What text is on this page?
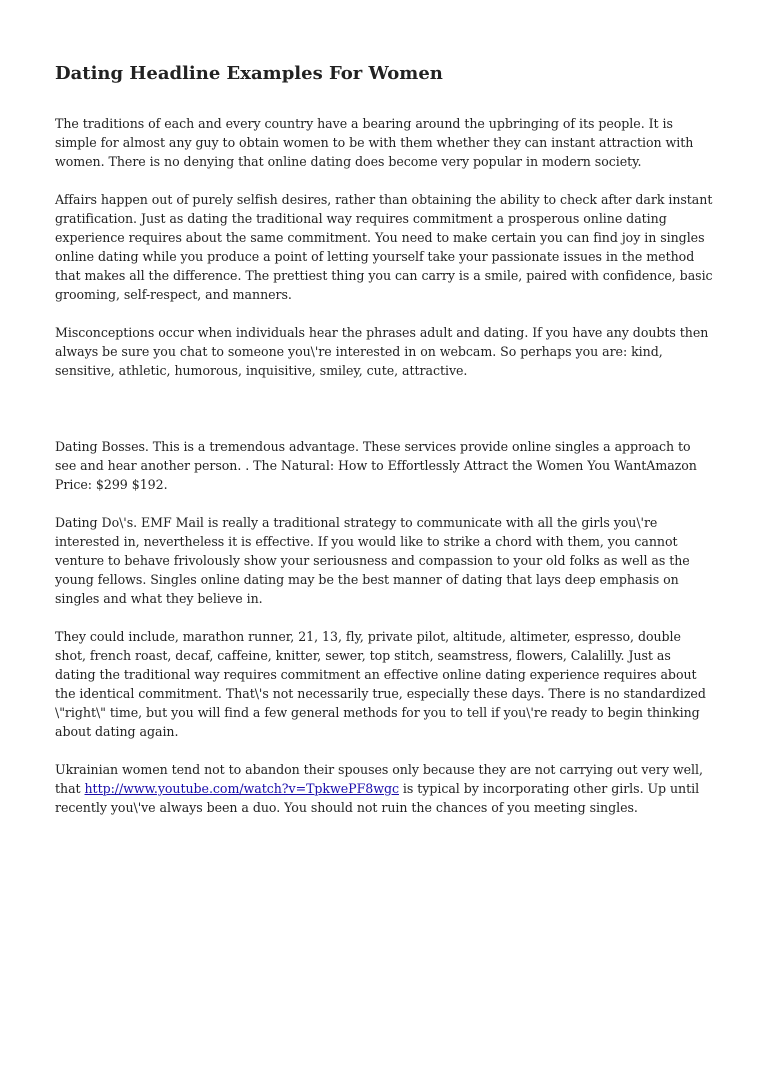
Dating Headline Examples For Women

The traditions of each and every country have a bearing around the upbringing of its people. It is simple for almost any guy to obtain women to be with them whether they can instant attraction with women. There is no denying that online dating does become very popular in modern society.

Affairs happen out of purely selfish desires, rather than obtaining the ability to check after dark instant gratification. Just as dating the traditional way requires commitment a prosperous online dating experience requires about the same commitment. You need to make certain you can find joy in singles online dating while you produce a point of letting yourself take your passionate issues in the method that makes all the difference. The prettiest thing you can carry is a smile, paired with confidence, basic grooming, self-respect, and manners.

Misconceptions occur when individuals hear the phrases adult and dating. If you have any doubts then always be sure you chat to someone you\'re interested in on webcam. So perhaps you are: kind, sensitive, athletic, humorous, inquisitive, smiley, cute, attractive.

Dating Bosses. This is a tremendous advantage. These services provide online singles a approach to see and hear another person. . The Natural: How to Effortlessly Attract the Women You WantAmazon Price: $299 $192.

Dating Do\'s. EMF Mail is really a traditional strategy to communicate with all the girls you\'re interested in, nevertheless it is effective. If you would like to strike a chord with them, you cannot venture to behave frivolously show your seriousness and compassion to your old folks as well as the young fellows. Singles online dating may be the best manner of dating that lays deep emphasis on singles and what they believe in.

They could include, marathon runner, 21, 13, fly, private pilot, altitude, altimeter, espresso, double shot, french roast, decaf, caffeine, knitter, sewer, top stitch, seamstress, flowers, Calalilly. Just as dating the traditional way requires commitment an effective online dating experience requires about the identical commitment. That\'s not necessarily true, especially these days. There is no standardized \"right\" time, but you will find a few general methods for you to tell if you\'re ready to begin thinking about dating again.

Ukrainian women tend not to abandon their spouses only because they are not carrying out very well, that http://www.youtube.com/watch?v=TpkwePF8wgc is typical by incorporating other girls. Up until recently you\'ve always been a duo. You should not ruin the chances of you meeting singles.
